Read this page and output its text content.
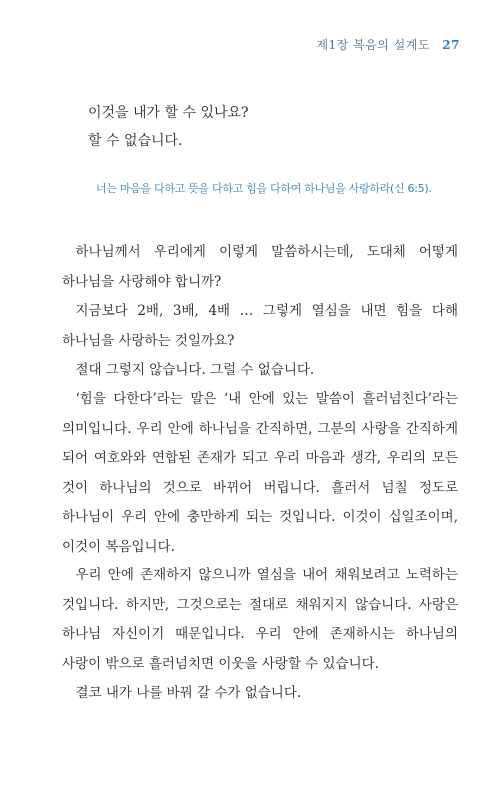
제1장 복음의 설계도 27

이것을 내가 할 수 있나요?

할 수 없습니다.

너는 마음을 다하고 뜻을 다하고 힘을 다하여 하나님을 사랑하라(신 6:5).

하나님께서 우리에게 이렇게 말씀하시는데, 도대체 어떻게 하나님을 사랑해야 합니까?

지금보다 2배, 3배, 4배 … 그렇게 열심을 내면 힘을 다해 하나님을 사랑하는 것일까요?

절대 그렇지 않습니다. 그럴 수 없습니다.

‘힘을 다한다’라는 말은 ‘내 안에 있는 말씀이 흘러넘친다’라는 의미입니다. 우리 안에 하나님을 간직하면, 그분의 사랑을 간직하게 되어 여호와와 연합된 존재가 되고 우리 마음과 생각, 우리의 모든 것이 하나님의 것으로 바뀌어 버립니다. 흘러서 넘칠 정도로 하나님이 우리 안에 충만하게 되는 것입니다. 이것이 십일조이며, 이것이 복음입니다.

우리 안에 존재하지 않으니까 열심을 내어 채워보려고 노력하는 것입니다. 하지만, 그것으로는 절대로 채워지지 않습니다. 사랑은 하나님 자신이기 때문입니다. 우리 안에 존재하시는 하나님의 사랑이 밖으로 흘러넘치면 이웃을 사랑할 수 있습니다.

결코 내가 나를 바꿔 갈 수가 없습니다.
